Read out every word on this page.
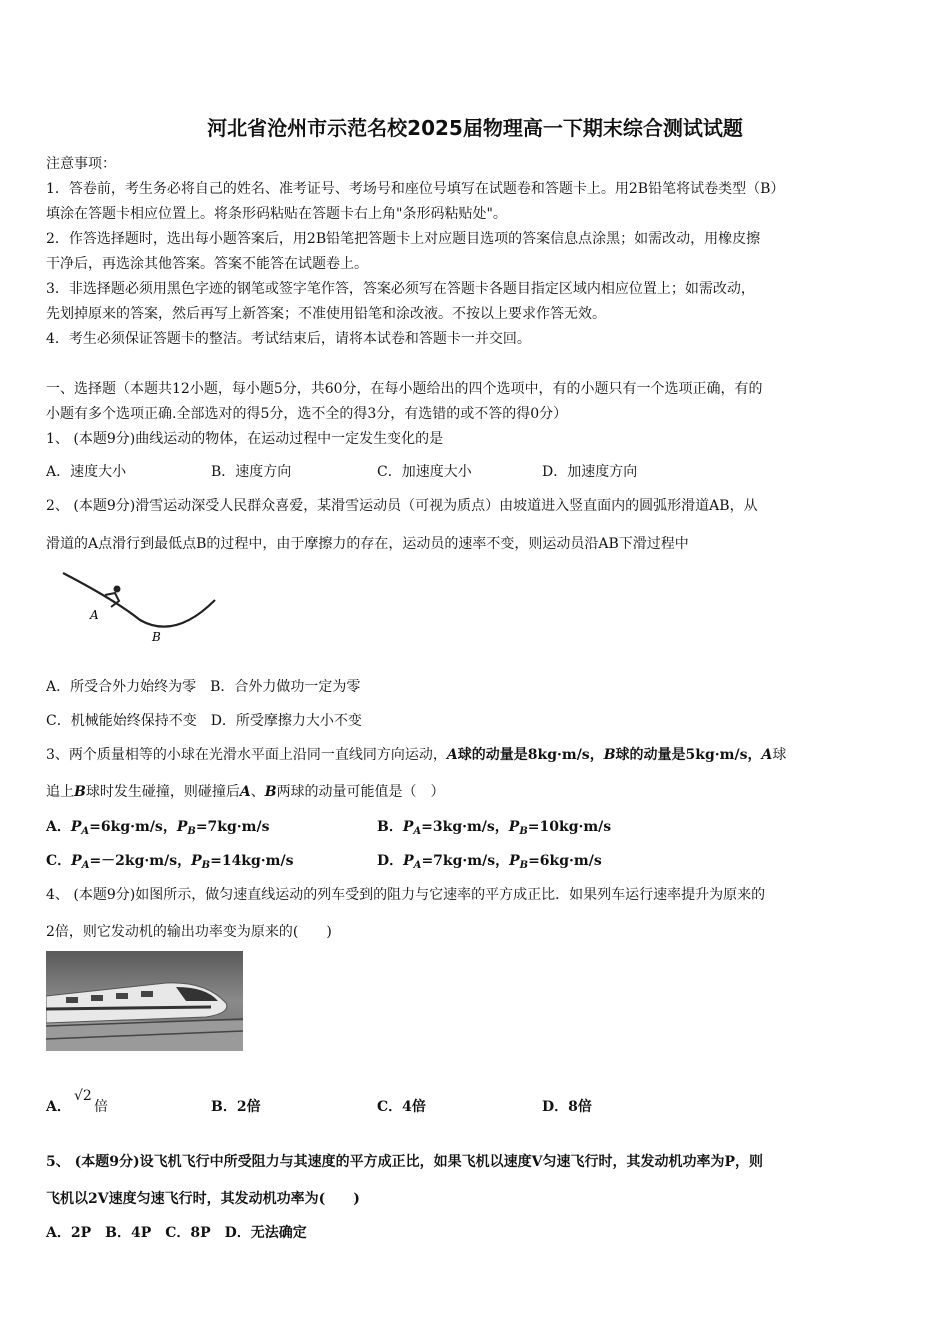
河北省沧州市示范名校2025届物理高一下期末综合测试试题
注意事项：
1．答卷前，考生务必将自己的姓名、准考证号、考场号和座位号填写在试题卷和答题卡上。用2B铅笔将试卷类型（B）
填涂在答题卡相应位置上。将条形码粘贴在答题卡右上角"条形码粘贴处"。
2．作答选择题时，选出每小题答案后，用2B铅笔把答题卡上对应题目选项的答案信息点涂黑；如需改动，用橡皮擦
干净后，再选涂其他答案。答案不能答在试题卷上。
3．非选择题必须用黑色字迹的钢笔或签字笔作答，答案必须写在答题卡各题目指定区域内相应位置上；如需改动，
先划掉原来的答案，然后再写上新答案；不准使用铅笔和涂改液。不按以上要求作答无效。
4．考生必须保证答题卡的整洁。考试结束后，请将本试卷和答题卡一并交回。
一、选择题（本题共12小题，每小题5分，共60分，在每小题给出的四个选项中，有的小题只有一个选项正确，有的
小题有多个选项正确.全部选对的得5分，选不全的得3分，有选错的或不答的得0分）
1、 (本题9分)曲线运动的物体，在运动过程中一定发生变化的是
A．速度大小	B．速度方向	C．加速度大小	D．加速度方向
2、 (本题9分)滑雪运动深受人民群众喜爱，某滑雪运动员（可视为质点）由坡道进入竖直面内的圆弧形滑道AB，从
滑道的A点滑行到最低点B的过程中，由于摩擦力的存在，运动员的速率不变，则运动员沿AB下滑过程中
A
B
A．所受合外力始终为零　B．合外力做功一定为零
C．机械能始终保持不变　D．所受摩擦力大小不变
3、两个质量相等的小球在光滑水平面上沿同一直线同方向运动，A球的动量是8kg·m/s，B球的动量是5kg·m/s，A球
追上B球时发生碰撞，则碰撞后A、B两球的动量可能值是（　）
A．$P_A=6kg\cdot m/s$，$P_B=7kg\cdot m/s$	B．$P_A=3kg\cdot m/s$，$P_B=10kg\cdot m/s$
C．$P_A=-2kg\cdot m/s$，$P_B=14kg\cdot m/s$	D．$P_A=7kg\cdot m/s$，$P_B=6kg\cdot m/s$
4、 (本题9分)如图所示，做匀速直线运动的列车受到的阻力与它速率的平方成正比．如果列车运行速率提升为原来的
2倍，则它发动机的输出功率变为原来的(　　)
A．
√2
倍	B．2倍	C．4倍	D．8倍
5、 (本题9分)设飞机飞行中所受阻力与其速度的平方成正比，如果飞机以速度V匀速飞行时，其发动机功率为P，则
飞机以2V速度匀速飞行时，其发动机功率为(　　)
A．2P　B．4P　C．8P　D．无法确定
